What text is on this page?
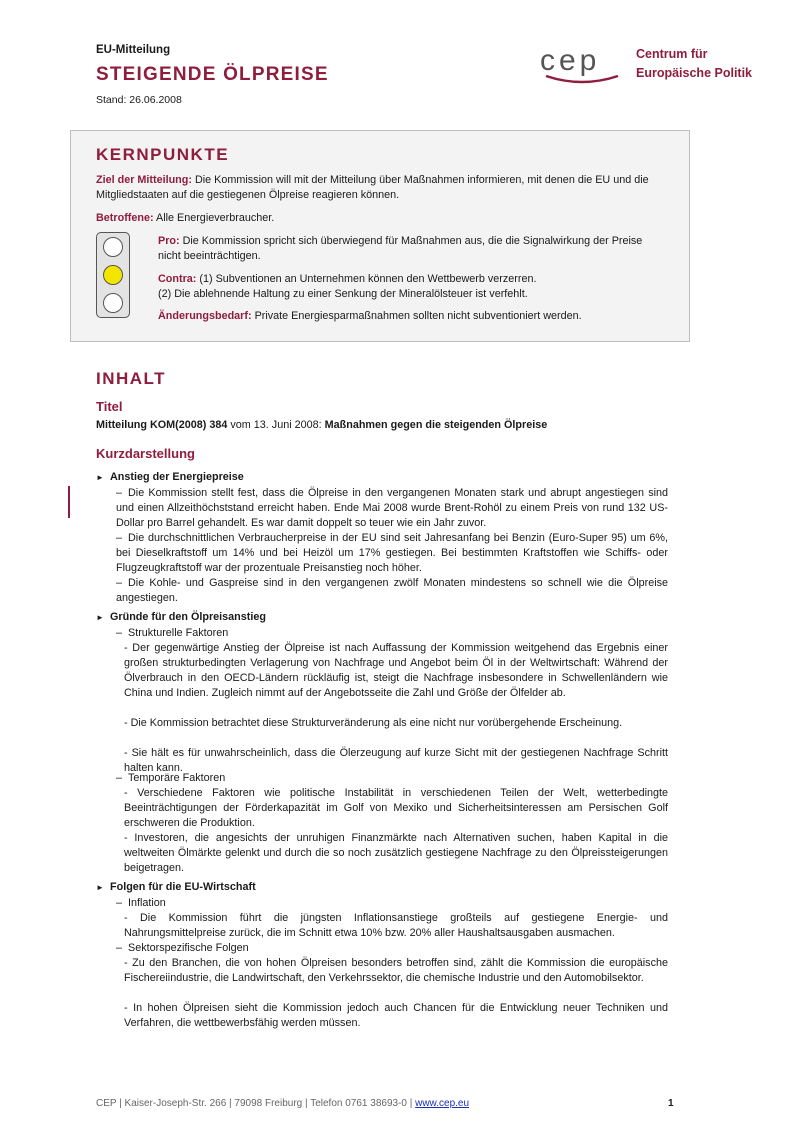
EU-Mitteilung
STEIGENDE ÖLPREISE
Stand: 26.06.2008
cep	Centrum für
Europäische Politik
KERNPUNKTE
Ziel der Mitteilung: Die Kommission will mit der Mitteilung über Maßnahmen informieren, mit denen die EU und die Mitgliedstaaten auf die gestiegenen Ölpreise reagieren können.
Betroffene: Alle Energieverbraucher.
Pro: Die Kommission spricht sich überwiegend für Maßnahmen aus, die die Signalwirkung der Preise nicht beeinträchtigen.
Contra: (1) Subventionen an Unternehmen können den Wettbewerb verzerren.
(2) Die ablehnende Haltung zu einer Senkung der Mineralölsteuer ist verfehlt.
Änderungsbedarf: Private Energiesparmaßnahmen sollten nicht subventioniert werden.
INHALT
Titel
Mitteilung KOM(2008) 384 vom 13. Juni 2008: Maßnahmen gegen die steigenden Ölpreise
Kurzdarstellung
► Anstieg der Energiepreise
– Die Kommission stellt fest, dass die Ölpreise in den vergangenen Monaten stark und abrupt angestiegen sind und einen Allzeithöchststand erreicht haben. Ende Mai 2008 wurde Brent-Rohöl zu einem Preis von rund 132 US-Dollar pro Barrel gehandelt. Es war damit doppelt so teuer wie ein Jahr zuvor.
– Die durchschnittlichen Verbraucherpreise in der EU sind seit Jahresanfang bei Benzin (Euro-Super 95) um 6%, bei Dieselkraftstoff um 14% und bei Heizöl um 17% gestiegen. Bei bestimmten Kraftstoffen wie Schiffs- oder Flugzeugkraftstoff war der prozentuale Preisanstieg noch höher.
– Die Kohle- und Gaspreise sind in den vergangenen zwölf Monaten mindestens so schnell wie die Ölpreise angestiegen.
► Gründe für den Ölpreisanstieg
– Strukturelle Faktoren
- Der gegenwärtige Anstieg der Ölpreise ist nach Auffassung der Kommission weitgehend das Ergebnis einer großen strukturbedingten Verlagerung von Nachfrage und Angebot beim Öl in der Weltwirtschaft: Während der Ölverbrauch in den OECD-Ländern rückläufig ist, steigt die Nachfrage insbesondere in Schwellenländern wie China und Indien. Zugleich nimmt auf der Angebotsseite die Zahl und Größe der Ölfelder ab.
- Die Kommission betrachtet diese Strukturveränderung als eine nicht nur vorübergehende Erscheinung.
- Sie hält es für unwahrscheinlich, dass die Ölerzeugung auf kurze Sicht mit der gestiegenen Nachfrage Schritt halten kann.
– Temporäre Faktoren
- Verschiedene Faktoren wie politische Instabilität in verschiedenen Teilen der Welt, wetterbedingte Beeinträchtigungen der Förderkapazität im Golf von Mexiko und Sicherheitsinteressen am Persischen Golf erschweren die Produktion.
- Investoren, die angesichts der unruhigen Finanzmärkte nach Alternativen suchen, haben Kapital in die weltweiten Ölmärkte gelenkt und durch die so noch zusätzlich gestiegene Nachfrage zu den Ölpreissteigerungen beigetragen.
► Folgen für die EU-Wirtschaft
– Inflation
- Die Kommission führt die jüngsten Inflationsanstiege großteils auf gestiegene Energie- und Nahrungsmittelpreise zurück, die im Schnitt etwa 10% bzw. 20% aller Haushaltsausgaben ausmachen.
– Sektorspezifische Folgen
- Zu den Branchen, die von hohen Ölpreisen besonders betroffen sind, zählt die Kommission die europäische Fischereiindustrie, die Landwirtschaft, den Verkehrssektor, die chemische Industrie und den Automobilsektor.
- In hohen Ölpreisen sieht die Kommission jedoch auch Chancen für die Entwicklung neuer Techniken und Verfahren, die wettbewerbsfähig werden müssen.
CEP | Kaiser-Joseph-Str. 266 | 79098 Freiburg | Telefon 0761 38693-0 | www.cep.eu	1
